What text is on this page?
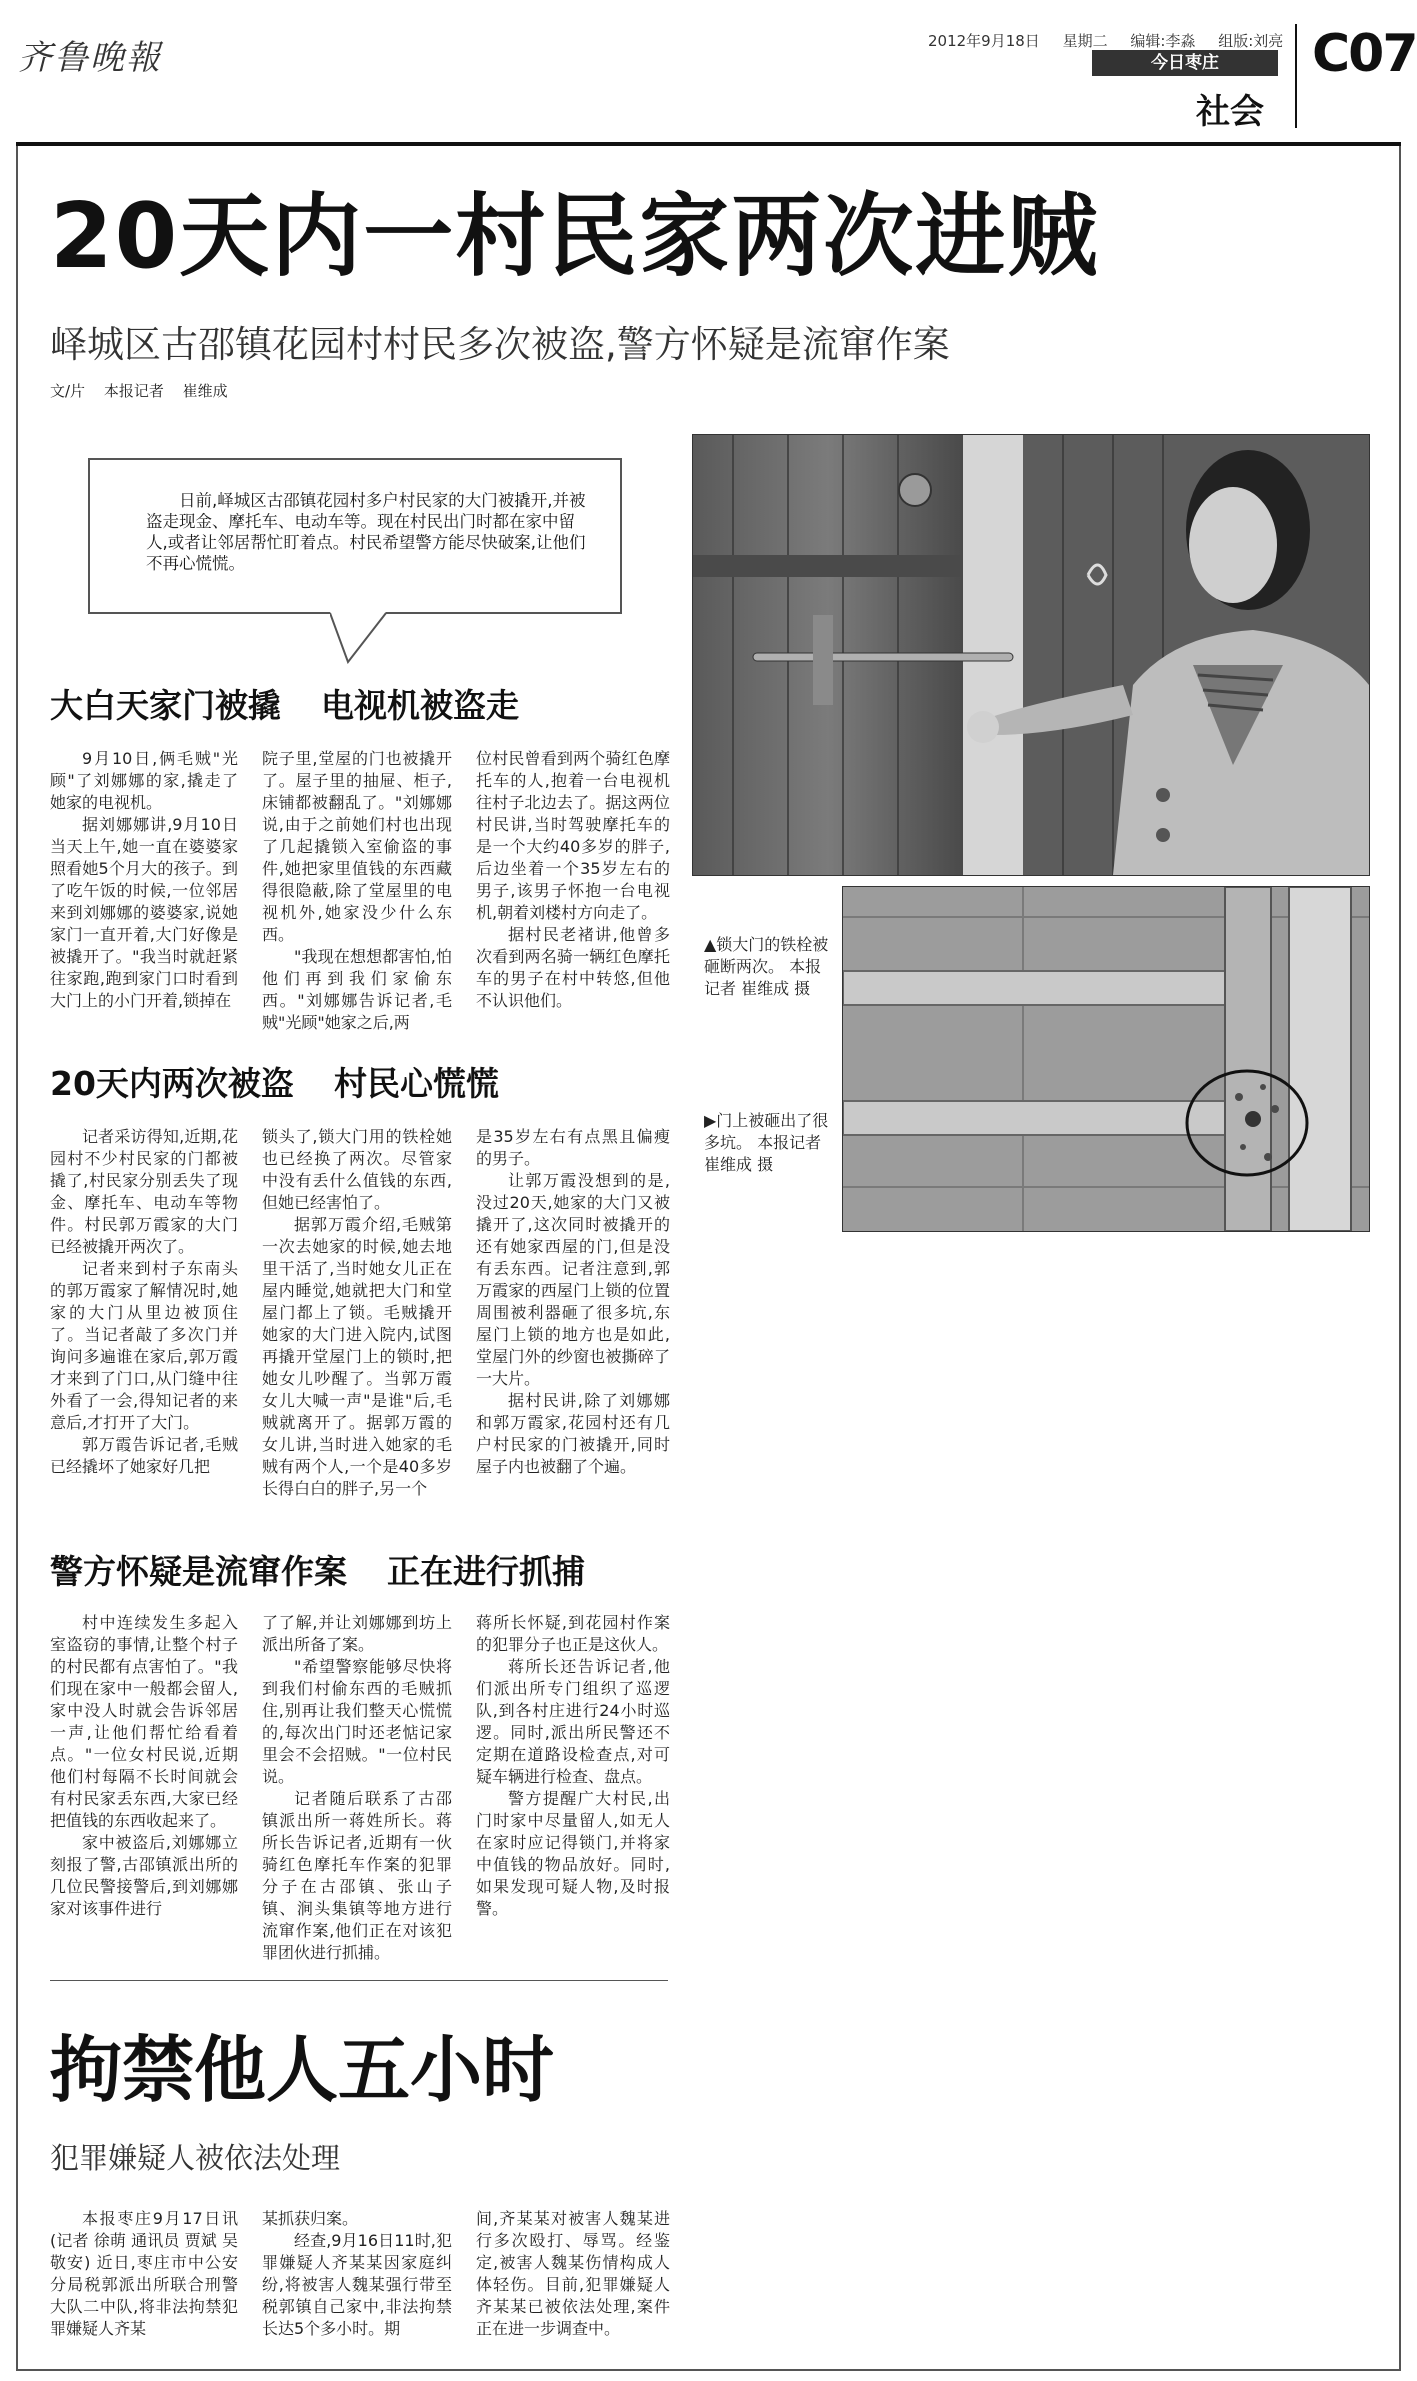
齐鲁晚報	2012年9月18日 星期二 编辑:李淼 组版:刘亮
今日枣庄
社会
C07
20天内一村民家两次进贼
峄城区古邵镇花园村村民多次被盗,警方怀疑是流窜作案
文/片 本报记者 崔维成
日前,峄城区古邵镇花园村多户村民家的大门被撬开,并被盗走现金、摩托车、电动车等。现在村民出门时都在家中留人,或者让邻居帮忙盯着点。村民希望警方能尽快破案,让他们不再心慌慌。
大白天家门被撬 电视机被盗走

9月10日,俩毛贼"光顾"了刘娜娜的家,撬走了她家的电视机。

据刘娜娜讲,9月10日当天上午,她一直在婆婆家照看她5个月大的孩子。到了吃午饭的时候,一位邻居来到刘娜娜的婆婆家,说她家门一直开着,大门好像是被撬开了。"我当时就赶紧往家跑,跑到家门口时看到大门上的小门开着,锁掉在

院子里,堂屋的门也被撬开了。屋子里的抽屉、柜子,床铺都被翻乱了。"刘娜娜说,由于之前她们村也出现了几起撬锁入室偷盗的事件,她把家里值钱的东西藏得很隐蔽,除了堂屋里的电视机外,她家没少什么东西。

"我现在想想都害怕,怕他们再到我们家偷东西。"刘娜娜告诉记者,毛贼"光顾"她家之后,两

位村民曾看到两个骑红色摩托车的人,抱着一台电视机往村子北边去了。据这两位村民讲,当时驾驶摩托车的是一个大约40多岁的胖子,后边坐着一个35岁左右的男子,该男子怀抱一台电视机,朝着刘楼村方向走了。

据村民老褚讲,他曾多次看到两名骑一辆红色摩托车的男子在村中转悠,但他不认识他们。

20天内两次被盗 村民心慌慌

记者采访得知,近期,花园村不少村民家的门都被撬了,村民家分别丢失了现金、摩托车、电动车等物件。村民郭万霞家的大门已经被撬开两次了。

记者来到村子东南头的郭万霞家了解情况时,她家的大门从里边被顶住了。当记者敲了多次门并询问多遍谁在家后,郭万霞才来到了门口,从门缝中往外看了一会,得知记者的来意后,才打开了大门。

郭万霞告诉记者,毛贼已经撬坏了她家好几把

锁头了,锁大门用的铁栓她也已经换了两次。尽管家中没有丢什么值钱的东西,但她已经害怕了。

据郭万霞介绍,毛贼第一次去她家的时候,她去地里干活了,当时她女儿正在屋内睡觉,她就把大门和堂屋门都上了锁。毛贼撬开她家的大门进入院内,试图再撬开堂屋门上的锁时,把她女儿吵醒了。当郭万霞女儿大喊一声"是谁"后,毛贼就离开了。据郭万霞的女儿讲,当时进入她家的毛贼有两个人,一个是40多岁长得白白的胖子,另一个

是35岁左右有点黑且偏瘦的男子。

让郭万霞没想到的是,没过20天,她家的大门又被撬开了,这次同时被撬开的还有她家西屋的门,但是没有丢东西。记者注意到,郭万霞家的西屋门上锁的位置周围被利器砸了很多坑,东屋门上锁的地方也是如此,堂屋门外的纱窗也被撕碎了一大片。

据村民讲,除了刘娜娜和郭万霞家,花园村还有几户村民家的门被撬开,同时屋子内也被翻了个遍。

警方怀疑是流窜作案 正在进行抓捕

村中连续发生多起入室盗窃的事情,让整个村子的村民都有点害怕了。"我们现在家中一般都会留人,家中没人时就会告诉邻居一声,让他们帮忙给看着点。"一位女村民说,近期他们村每隔不长时间就会有村民家丢东西,大家已经把值钱的东西收起来了。

家中被盗后,刘娜娜立刻报了警,古邵镇派出所的几位民警接警后,到刘娜娜家对该事件进行

了了解,并让刘娜娜到坊上派出所备了案。

"希望警察能够尽快将到我们村偷东西的毛贼抓住,别再让我们整天心慌慌的,每次出门时还老惦记家里会不会招贼。"一位村民说。

记者随后联系了古邵镇派出所一蒋姓所长。蒋所长告诉记者,近期有一伙骑红色摩托车作案的犯罪分子在古邵镇、张山子镇、涧头集镇等地方进行流窜作案,他们正在对该犯罪团伙进行抓捕。

蒋所长怀疑,到花园村作案的犯罪分子也正是这伙人。

蒋所长还告诉记者,他们派出所专门组织了巡逻队,到各村庄进行24小时巡逻。同时,派出所民警还不定期在道路设检查点,对可疑车辆进行检查、盘点。

警方提醒广大村民,出门时家中尽量留人,如无人在家时应记得锁门,并将家中值钱的物品放好。同时,如果发现可疑人物,及时报警。

▲锁大门的铁栓被砸断两次。 本报记者 崔维成 摄
▶门上被砸出了很多坑。 本报记者 崔维成 摄
拘禁他人五小时
犯罪嫌疑人被依法处理

本报枣庄9月17日讯(记者 徐萌 通讯员 贾斌 吴敬安) 近日,枣庄市中公安分局税郭派出所联合刑警大队二中队,将非法拘禁犯罪嫌疑人齐某

某抓获归案。

经查,9月16日11时,犯罪嫌疑人齐某某因家庭纠纷,将被害人魏某强行带至税郭镇自己家中,非法拘禁长达5个多小时。期

间,齐某某对被害人魏某进行多次殴打、辱骂。经鉴定,被害人魏某伤情构成人体轻伤。目前,犯罪嫌疑人齐某某已被依法处理,案件正在进一步调查中。
